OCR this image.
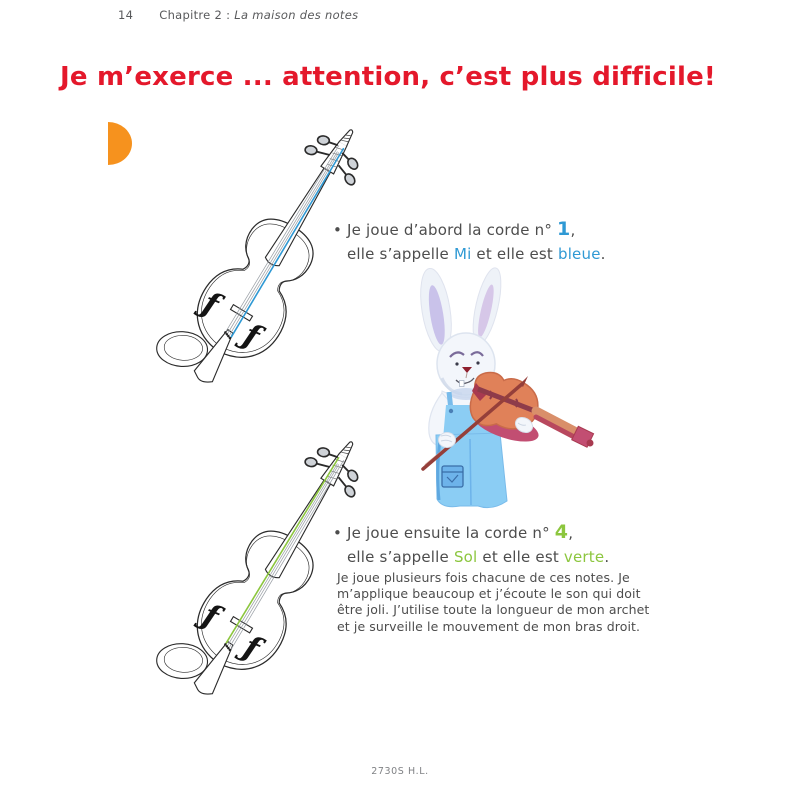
14 Chapitre 2 : La maison des notes
Je m’exerce ... attention, c’est plus difficile!
• Je joue d’abord la corde n° 1,
elle s’appelle Mi et elle est bleue.
• Je joue ensuite la corde n° 4,
elle s’appelle Sol et elle est verte.
Je joue plusieurs fois chacune de ces notes. Je m’applique beaucoup et j’écoute le son qui doit être joli. J’utilise toute la longueur de mon archet et je surveille le mouvement de mon bras droit.
2730S H.L.
